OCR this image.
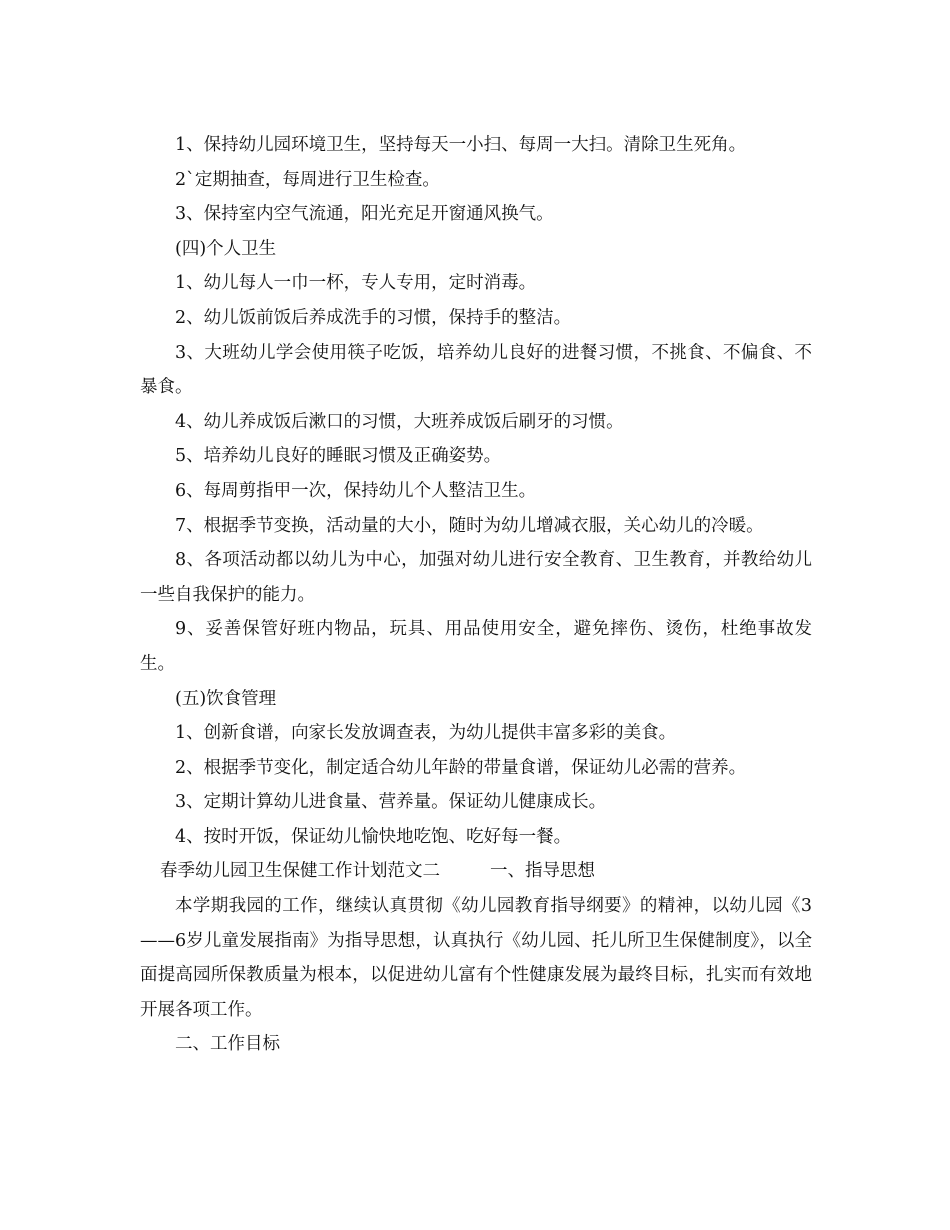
1、保持幼儿园环境卫生，坚持每天一小扫、每周一大扫。清除卫生死角。

2`定期抽查，每周进行卫生检查。

3、保持室内空气流通，阳光充足开窗通风换气。

(四)个人卫生

1、幼儿每人一巾一杯，专人专用，定时消毒。

2、幼儿饭前饭后养成洗手的习惯，保持手的整洁。

3、大班幼儿学会使用筷子吃饭，培养幼儿良好的进餐习惯，不挑食、不偏食、不暴食。

4、幼儿养成饭后漱口的习惯，大班养成饭后刷牙的习惯。

5、培养幼儿良好的睡眠习惯及正确姿势。

6、每周剪指甲一次，保持幼儿个人整洁卫生。

7、根据季节变换，活动量的大小，随时为幼儿增减衣服，关心幼儿的冷暖。

8、各项活动都以幼儿为中心，加强对幼儿进行安全教育、卫生教育，并教给幼儿一些自我保护的能力。

9、妥善保管好班内物品，玩具、用品使用安全，避免摔伤、烫伤，杜绝事故发生。

(五)饮食管理

1、创新食谱，向家长发放调查表，为幼儿提供丰富多彩的美食。

2、根据季节变化，制定适合幼儿年龄的带量食谱，保证幼儿必需的营养。

3、定期计算幼儿进食量、营养量。保证幼儿健康成长。

4、按时开饭，保证幼儿愉快地吃饱、吃好每一餐。

春季幼儿园卫生保健工作计划范文二	一、指导思想

本学期我园的工作，继续认真贯彻《幼儿园教育指导纲要》的精神，以幼儿园《3——6岁儿童发展指南》为指导思想，认真执行《幼儿园、托儿所卫生保健制度》，以全面提高园所保教质量为根本，以促进幼儿富有个性健康发展为最终目标，扎实而有效地开展各项工作。

二、工作目标
